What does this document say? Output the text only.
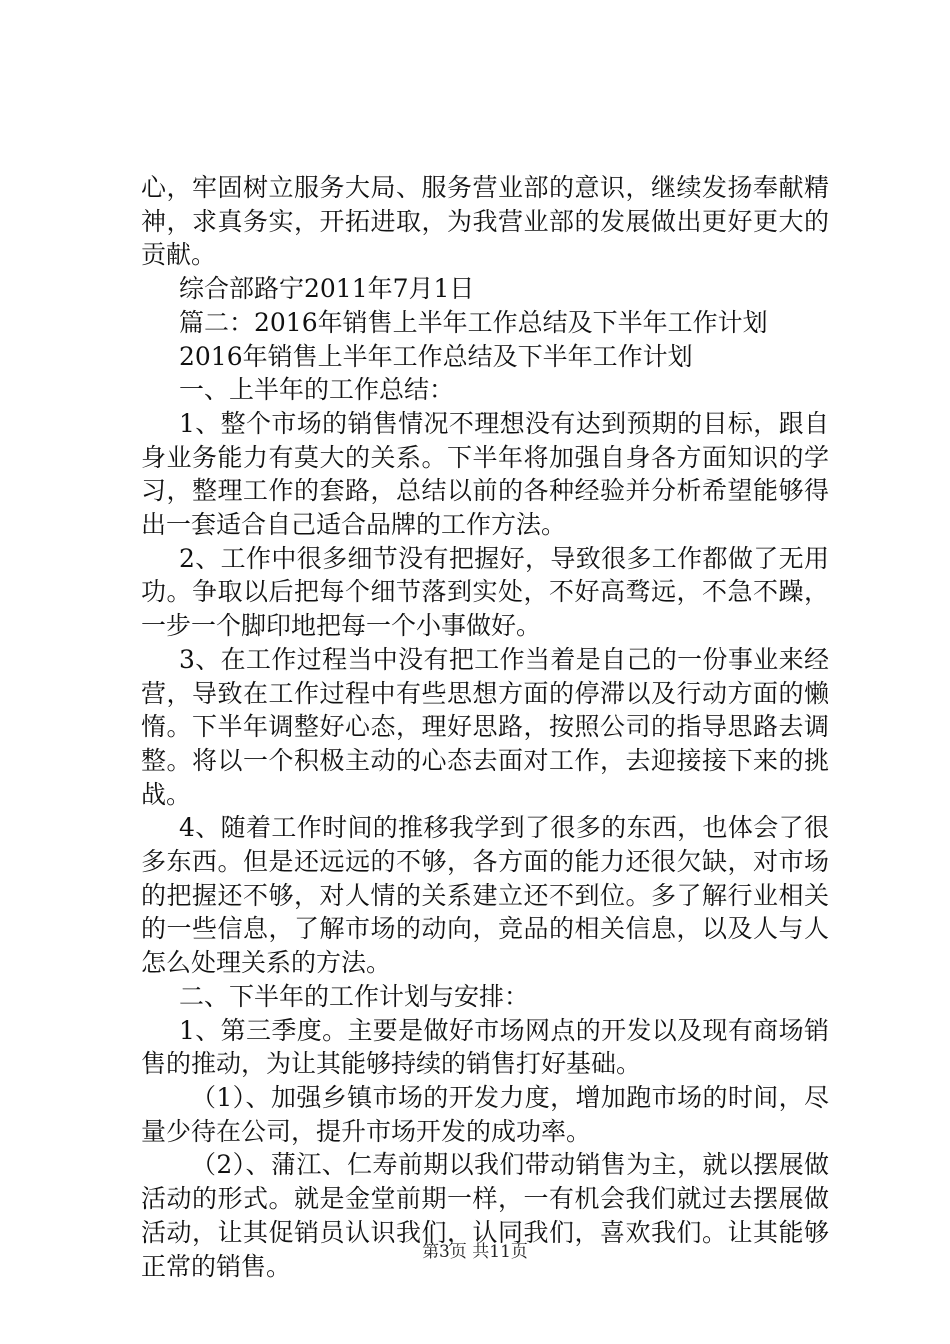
心，牢固树立服务大局、服务营业部的意识，继续发扬奉献精神，求真务实，开拓进取，为我营业部的发展做出更好更大的贡献。

综合部路宁2011年7月1日

篇二：2016年销售上半年工作总结及下半年工作计划

2016年销售上半年工作总结及下半年工作计划

一、上半年的工作总结：

1、整个市场的销售情况不理想没有达到预期的目标，跟自身业务能力有莫大的关系。下半年将加强自身各方面知识的学习，整理工作的套路，总结以前的各种经验并分析希望能够得出一套适合自己适合品牌的工作方法。

2、工作中很多细节没有把握好，导致很多工作都做了无用功。争取以后把每个细节落到实处，不好高骛远，不急不躁，一步一个脚印地把每一个小事做好。

3、在工作过程当中没有把工作当着是自己的一份事业来经营，导致在工作过程中有些思想方面的停滞以及行动方面的懒惰。下半年调整好心态，理好思路，按照公司的指导思路去调整。将以一个积极主动的心态去面对工作，去迎接接下来的挑战。

4、随着工作时间的推移我学到了很多的东西，也体会了很多东西。但是还远远的不够，各方面的能力还很欠缺，对市场的把握还不够，对人情的关系建立还不到位。多了解行业相关的一些信息，了解市场的动向，竞品的相关信息，以及人与人怎么处理关系的方法。

二、下半年的工作计划与安排：

1、第三季度。主要是做好市场网点的开发以及现有商场销售的推动，为让其能够持续的销售打好基础。

（1）、加强乡镇市场的开发力度，增加跑市场的时间，尽量少待在公司，提升市场开发的成功率。

（2）、蒲江、仁寿前期以我们带动销售为主，就以摆展做活动的形式。就是金堂前期一样，一有机会我们就过去摆展做活动，让其促销员认识我们，认同我们，喜欢我们。让其能够正常的销售。	第3页 共11页
